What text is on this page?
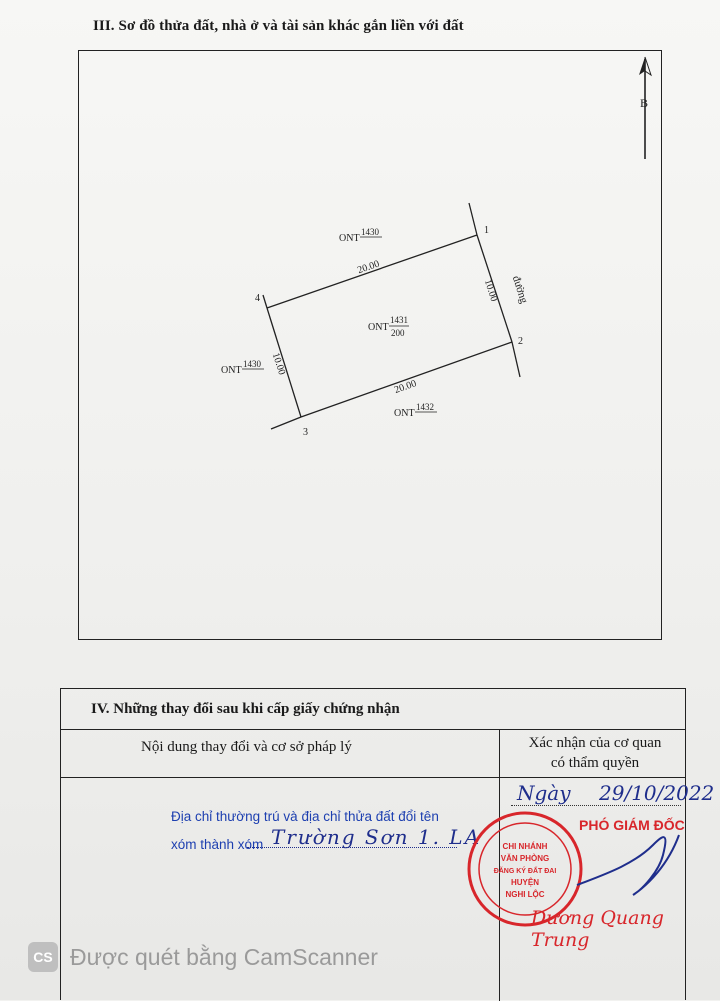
III. Sơ đồ thửa đất, nhà ở và tài sản khác gắn liền với đất
B
1
2
3
4
20.00
10.00
20.00
10.00
đường
ONT
1431
200
ONT
1430
ONT
1430
ONT
1432
IV. Những thay đổi sau khi cấp giấy chứng nhận
Nội dung thay đổi và cơ sở pháp lý	Xác nhận của cơ quan
có thẩm quyền
Địa chỉ thường trú và địa chỉ thửa đất đổi tên
xóm thành xóm Trường Sơn 1. LA
Ngày 29/10/2022
CHI NHÁNH
VĂN PHÒNG
ĐĂNG KÝ ĐẤT ĐAI
HUYỆN
NGHI LỘC
PHÓ GIÁM ĐỐC
Dương Quang Trung
CS Được quét bằng CamScanner
